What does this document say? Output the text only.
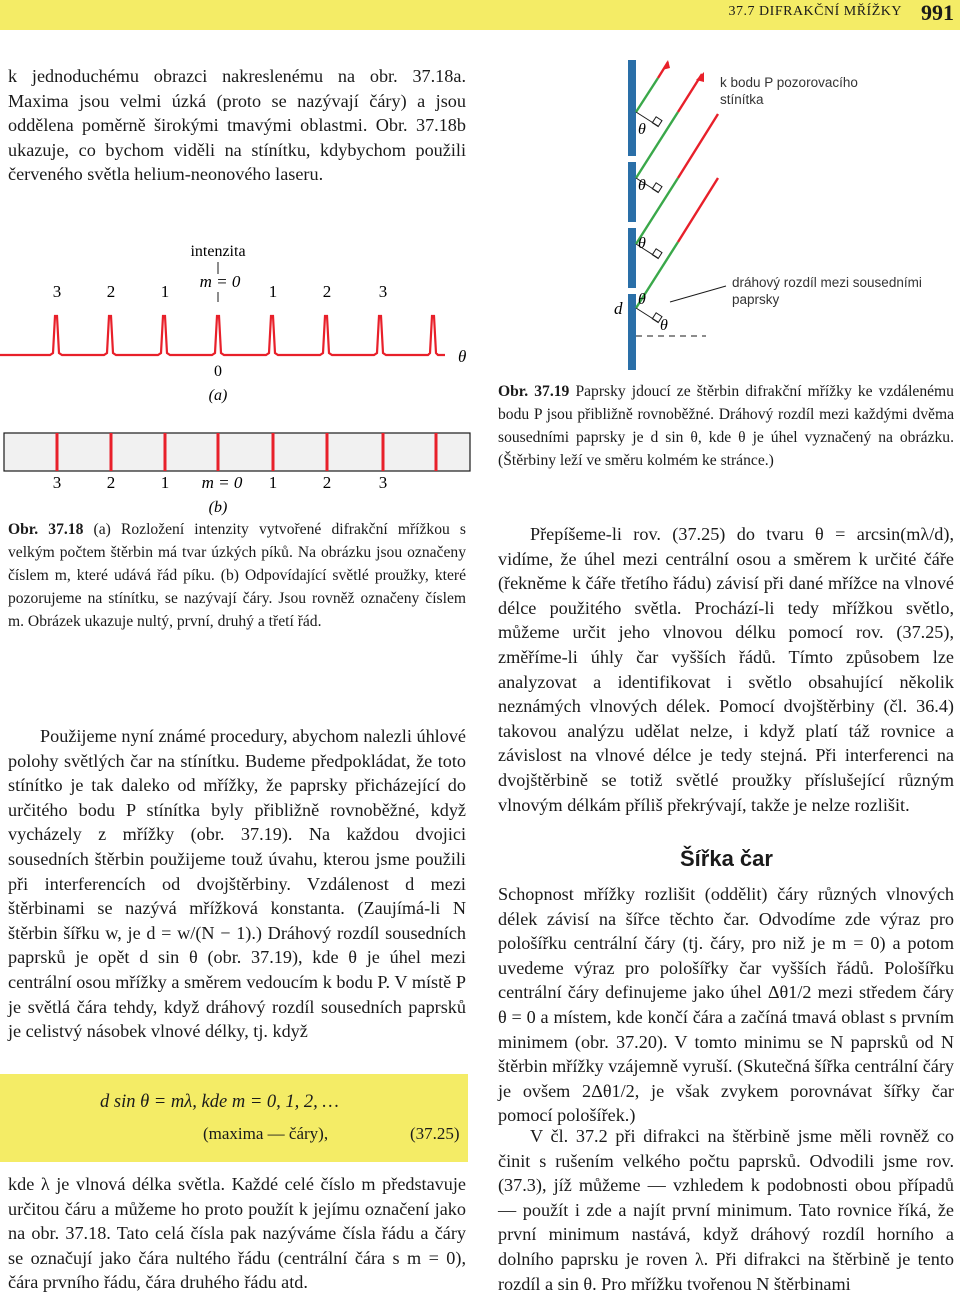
37.7 DIFRAKČNÍ MŘÍŽKY 991
k jednoduchému obrazci nakreslenému na obr. 37.18a. Maxima jsou velmi úzká (proto se nazývají čáry) a jsou oddělena poměrně širokými tmavými oblastmi. Obr. 37.18b ukazuje, co bychom viděli na stínítku, kdybychom použili červeného světla helium-neonového laseru.
intenzita
m = 0
3	2	1	1	2	3
θ
0
(a)
3	2	1 m = 0 1	2	3
(b)
Obr. 37.18 (a) Rozložení intenzity vytvořené difrakční mřížkou s velkým počtem štěrbin má tvar úzkých píků. Na obrázku jsou označeny číslem m, které udává řád píku. (b) Odpovídající světlé proužky, které pozorujeme na stínítku, se nazývají čáry. Jsou rovněž označeny číslem m. Obrázek ukazuje nultý, první, druhý a třetí řád.
Použijeme nyní známé procedury, abychom nalezli úhlové polohy světlých čar na stínítku. Budeme předpokládat, že toto stínítko je tak daleko od mřížky, že paprsky přicházející do určitého bodu P stínítka byly přibližně rovnoběžné, když vycházely z mřížky (obr. 37.19). Na každou dvojici sousedních štěrbin použijeme touž úvahu, kterou jsme použili při interferencích od dvojštěrbiny. Vzdálenost d mezi štěrbinami se nazývá mřížková konstanta. (Zaujímá-li N štěrbin šířku w, je d = w/(N − 1).) Dráhový rozdíl sousedních paprsků je opět d sin θ (obr. 37.19), kde θ je úhel mezi centrální osou mřížky a směrem vedoucím k bodu P. V místě P je světlá čára tehdy, když dráhový rozdíl sousedních paprsků je celistvý násobek vlnové délky, tj. když
d sin θ = mλ, kde m = 0, 1, 2, …
(maxima — čáry),	(37.25)
kde λ je vlnová délka světla. Každé celé číslo m představuje určitou čáru a můžeme ho proto použít k jejímu označení jako na obr. 37.18. Tato celá čísla pak nazýváme čísla řádu a čáry se označují jako čára nultého řádu (centrální čára s m = 0), čára prvního řádu, čára druhého řádu atd.
θ
θ
θ
θ
θ
d
k bodu P pozorovacího stínítka
dráhový rozdíl mezi sousedními paprsky
Obr. 37.19 Paprsky jdoucí ze štěrbin difrakční mřížky ke vzdálenému bodu P jsou přibližně rovnoběžné. Dráhový rozdíl mezi každými dvěma sousedními paprsky je d sin θ, kde θ je úhel vyznačený na obrázku. (Štěrbiny leží ve směru kolmém ke stránce.)
Přepíšeme-li rov. (37.25) do tvaru θ = arcsin(mλ/d), vidíme, že úhel mezi centrální osou a směrem k určité čáře (řekněme k čáře třetího řádu) závisí při dané mřížce na vlnové délce použitého světla. Prochází-li tedy mřížkou světlo, můžeme určit jeho vlnovou délku pomocí rov. (37.25), změříme-li úhly čar vyšších řádů. Tímto způsobem lze analyzovat a identifikovat i světlo obsahující několik neznámých vlnových délek. Pomocí dvojštěrbiny (čl. 36.4) takovou analýzu udělat nelze, i když platí táž rovnice a závislost na vlnové délce je tedy stejná. Při interferenci na dvojštěrbině se totiž světlé proužky příslušející různým vlnovým délkám příliš překrývají, takže je nelze rozlišit.
Šířka čar
Schopnost mřížky rozlišit (oddělit) čáry různých vlnových délek závisí na šířce těchto čar. Odvodíme zde výraz pro pološířku centrální čáry (tj. čáry, pro niž je m = 0) a potom uvedeme výraz pro pološířky čar vyšších řádů. Pološířku centrální čáry definujeme jako úhel Δθ1/2 mezi středem čáry θ = 0 a místem, kde končí čára a začíná tmavá oblast s prvním minimem (obr. 37.20). V tomto minimu se N paprsků od N štěrbin mřížky vzájemně vyruší. (Skutečná šířka centrální čáry je ovšem 2Δθ1/2, je však zvykem porovnávat šířky čar pomocí pološířek.)
V čl. 37.2 při difrakci na štěrbině jsme měli rovněž co činit s rušením velkého počtu paprsků. Odvodili jsme rov. (37.3), jíž můžeme — vzhledem k podobnosti obou případů — použít i zde a najít první minimum. Tato rovnice říká, že první minimum nastává, když dráhový rozdíl horního a dolního paprsku je roven λ. Při difrakci na štěrbině je tento rozdíl a sin θ. Pro mřížku tvořenou N štěrbinami
